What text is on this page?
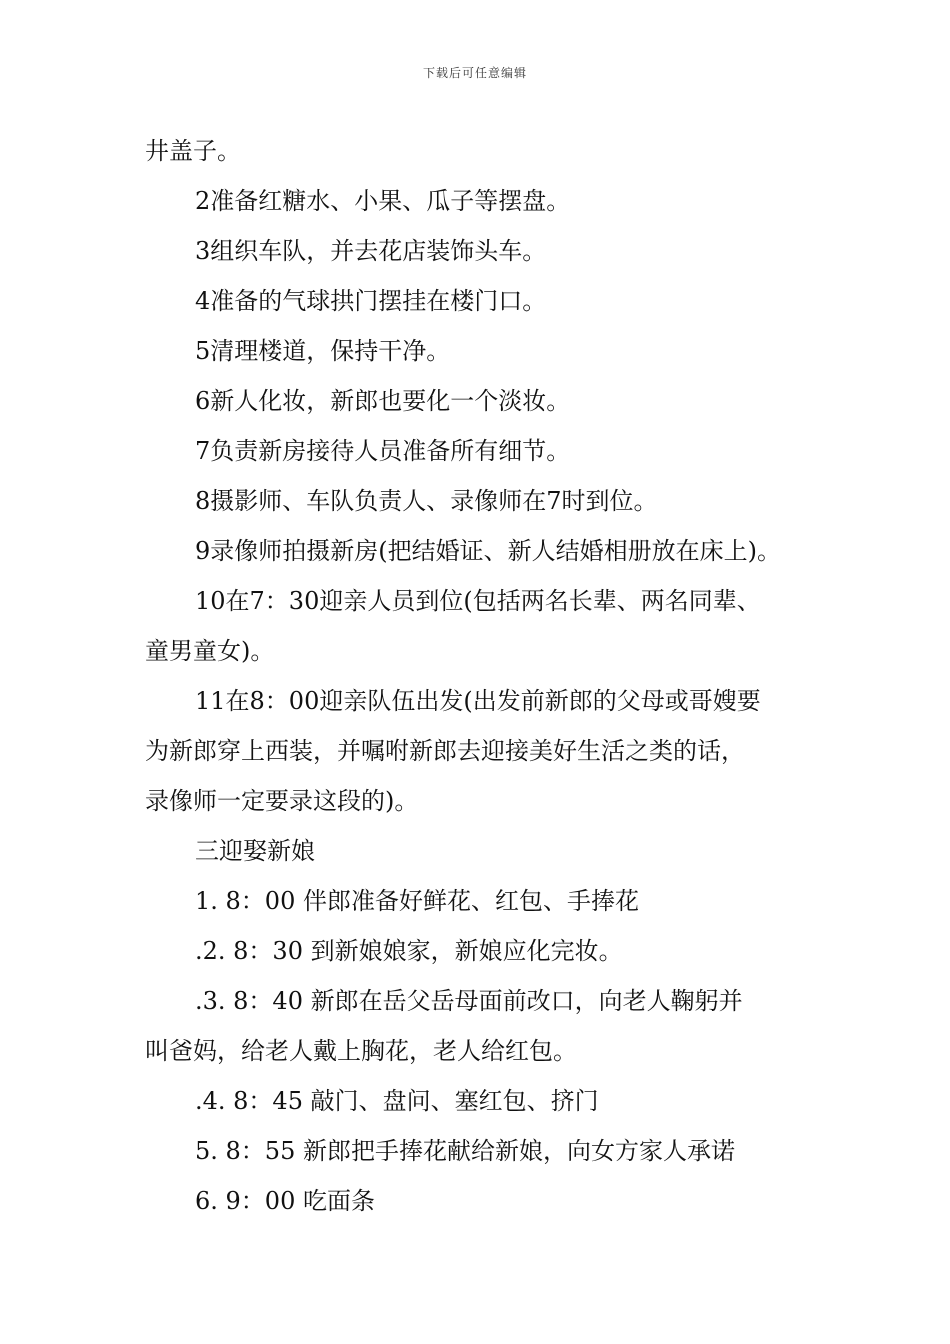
下载后可任意编辑
井盖子。
2准备红糖水、小果、瓜子等摆盘。
3组织车队，并去花店装饰头车。
4准备的气球拱门摆挂在楼门口。
5清理楼道，保持干净。
6新人化妆，新郎也要化一个淡妆。
7负责新房接待人员准备所有细节。
8摄影师、车队负责人、录像师在7时到位。
9录像师拍摄新房(把结婚证、新人结婚相册放在床上)。
10在7：30迎亲人员到位(包括两名长辈、两名同辈、
童男童女)。
11在8：00迎亲队伍出发(出发前新郎的父母或哥嫂要
为新郎穿上西装，并嘱咐新郎去迎接美好生活之类的话，
录像师一定要录这段的)。
三迎娶新娘
1. 8：00 伴郎准备好鲜花、红包、手捧花
.2. 8：30 到新娘娘家，新娘应化完妆。
.3. 8：40 新郎在岳父岳母面前改口，向老人鞠躬并
叫爸妈，给老人戴上胸花，老人给红包。
.4. 8：45 敲门、盘问、塞红包、挤门
5. 8：55 新郎把手捧花献给新娘，向女方家人承诺
6. 9：00 吃面条
